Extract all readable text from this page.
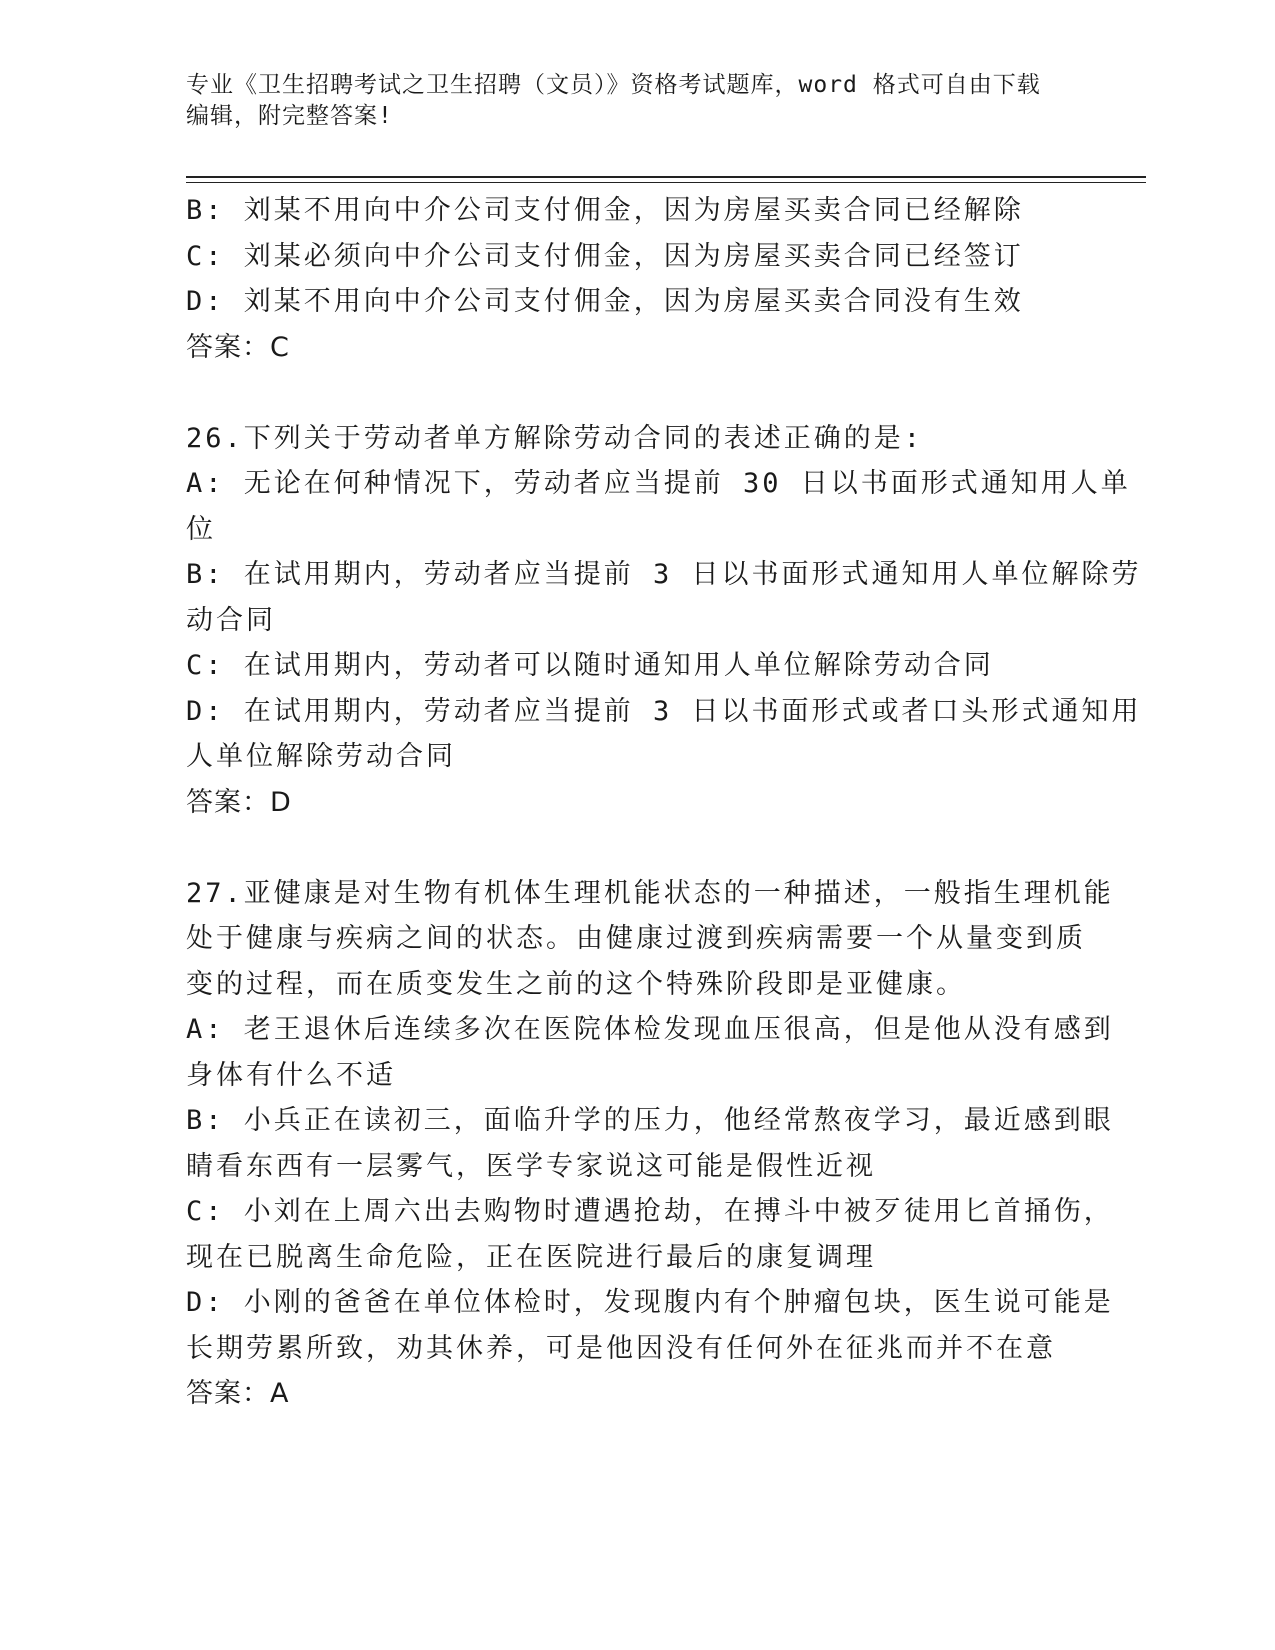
专业《卫生招聘考试之卫生招聘（文员）》资格考试题库，word 格式可自由下载
编辑，附完整答案!
B: 刘某不用向中介公司支付佣金，因为房屋买卖合同已经解除
C: 刘某必须向中介公司支付佣金，因为房屋买卖合同已经签订
D: 刘某不用向中介公司支付佣金，因为房屋买卖合同没有生效
答案：C
26.下列关于劳动者单方解除劳动合同的表述正确的是:
A: 无论在何种情况下，劳动者应当提前 30 日以书面形式通知用人单
位
B: 在试用期内，劳动者应当提前 3 日以书面形式通知用人单位解除劳
动合同
C: 在试用期内，劳动者可以随时通知用人单位解除劳动合同
D: 在试用期内，劳动者应当提前 3 日以书面形式或者口头形式通知用
人单位解除劳动合同
答案：D
27.亚健康是对生物有机体生理机能状态的一种描述，一般指生理机能
处于健康与疾病之间的状态。由健康过渡到疾病需要一个从量变到质
变的过程，而在质变发生之前的这个特殊阶段即是亚健康。
A: 老王退休后连续多次在医院体检发现血压很高，但是他从没有感到
身体有什么不适
B: 小兵正在读初三，面临升学的压力，他经常熬夜学习，最近感到眼
睛看东西有一层雾气，医学专家说这可能是假性近视
C: 小刘在上周六出去购物时遭遇抢劫，在搏斗中被歹徒用匕首捅伤，
现在已脱离生命危险，正在医院进行最后的康复调理
D: 小刚的爸爸在单位体检时，发现腹内有个肿瘤包块，医生说可能是
长期劳累所致，劝其休养，可是他因没有任何外在征兆而并不在意
答案：A
